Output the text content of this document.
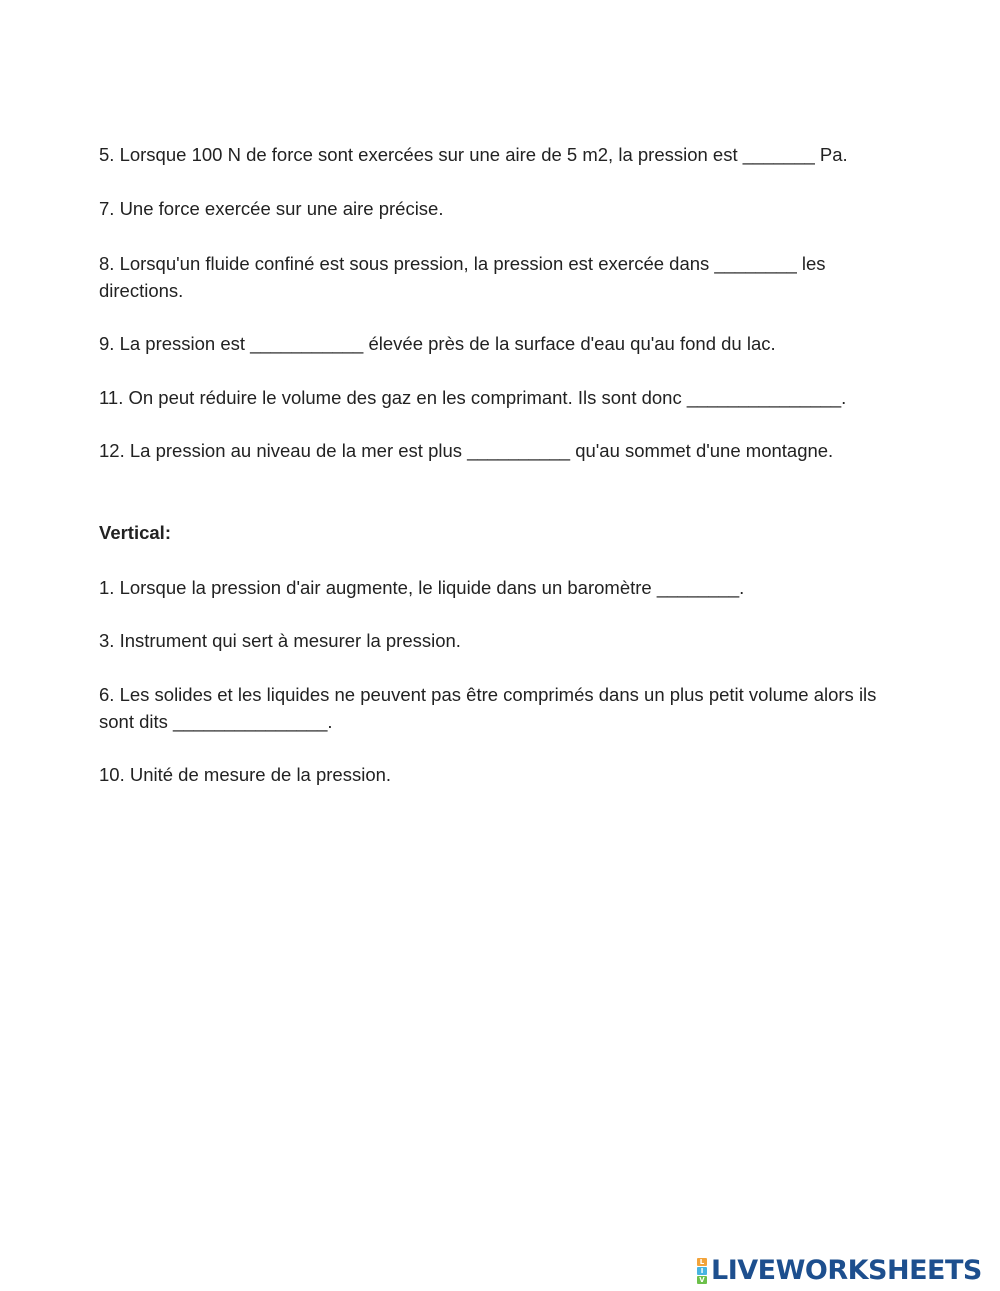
5. Lorsque 100 N de force sont exercées sur une aire de 5 m2, la pression est _______ Pa.

7. Une force exercée sur une aire précise.

8. Lorsqu'un fluide confiné est sous pression, la pression est exercée dans ________ les directions.

9. La pression est ___________ élevée près de la surface d'eau qu'au fond du lac.

11. On peut réduire le volume des gaz en les comprimant. Ils sont donc _______________.

12. La pression au niveau de la mer est plus __________ qu'au sommet d'une montagne.

Vertical:

1. Lorsque la pression d'air augmente, le liquide dans un baromètre ________.

3. Instrument qui sert à mesurer la pression.

6. Les solides et les liquides ne peuvent pas être comprimés dans un plus petit volume alors ils sont dits _______________.

10. Unité de mesure de la pression.

L
I
V LIVEWORKSHEETS
